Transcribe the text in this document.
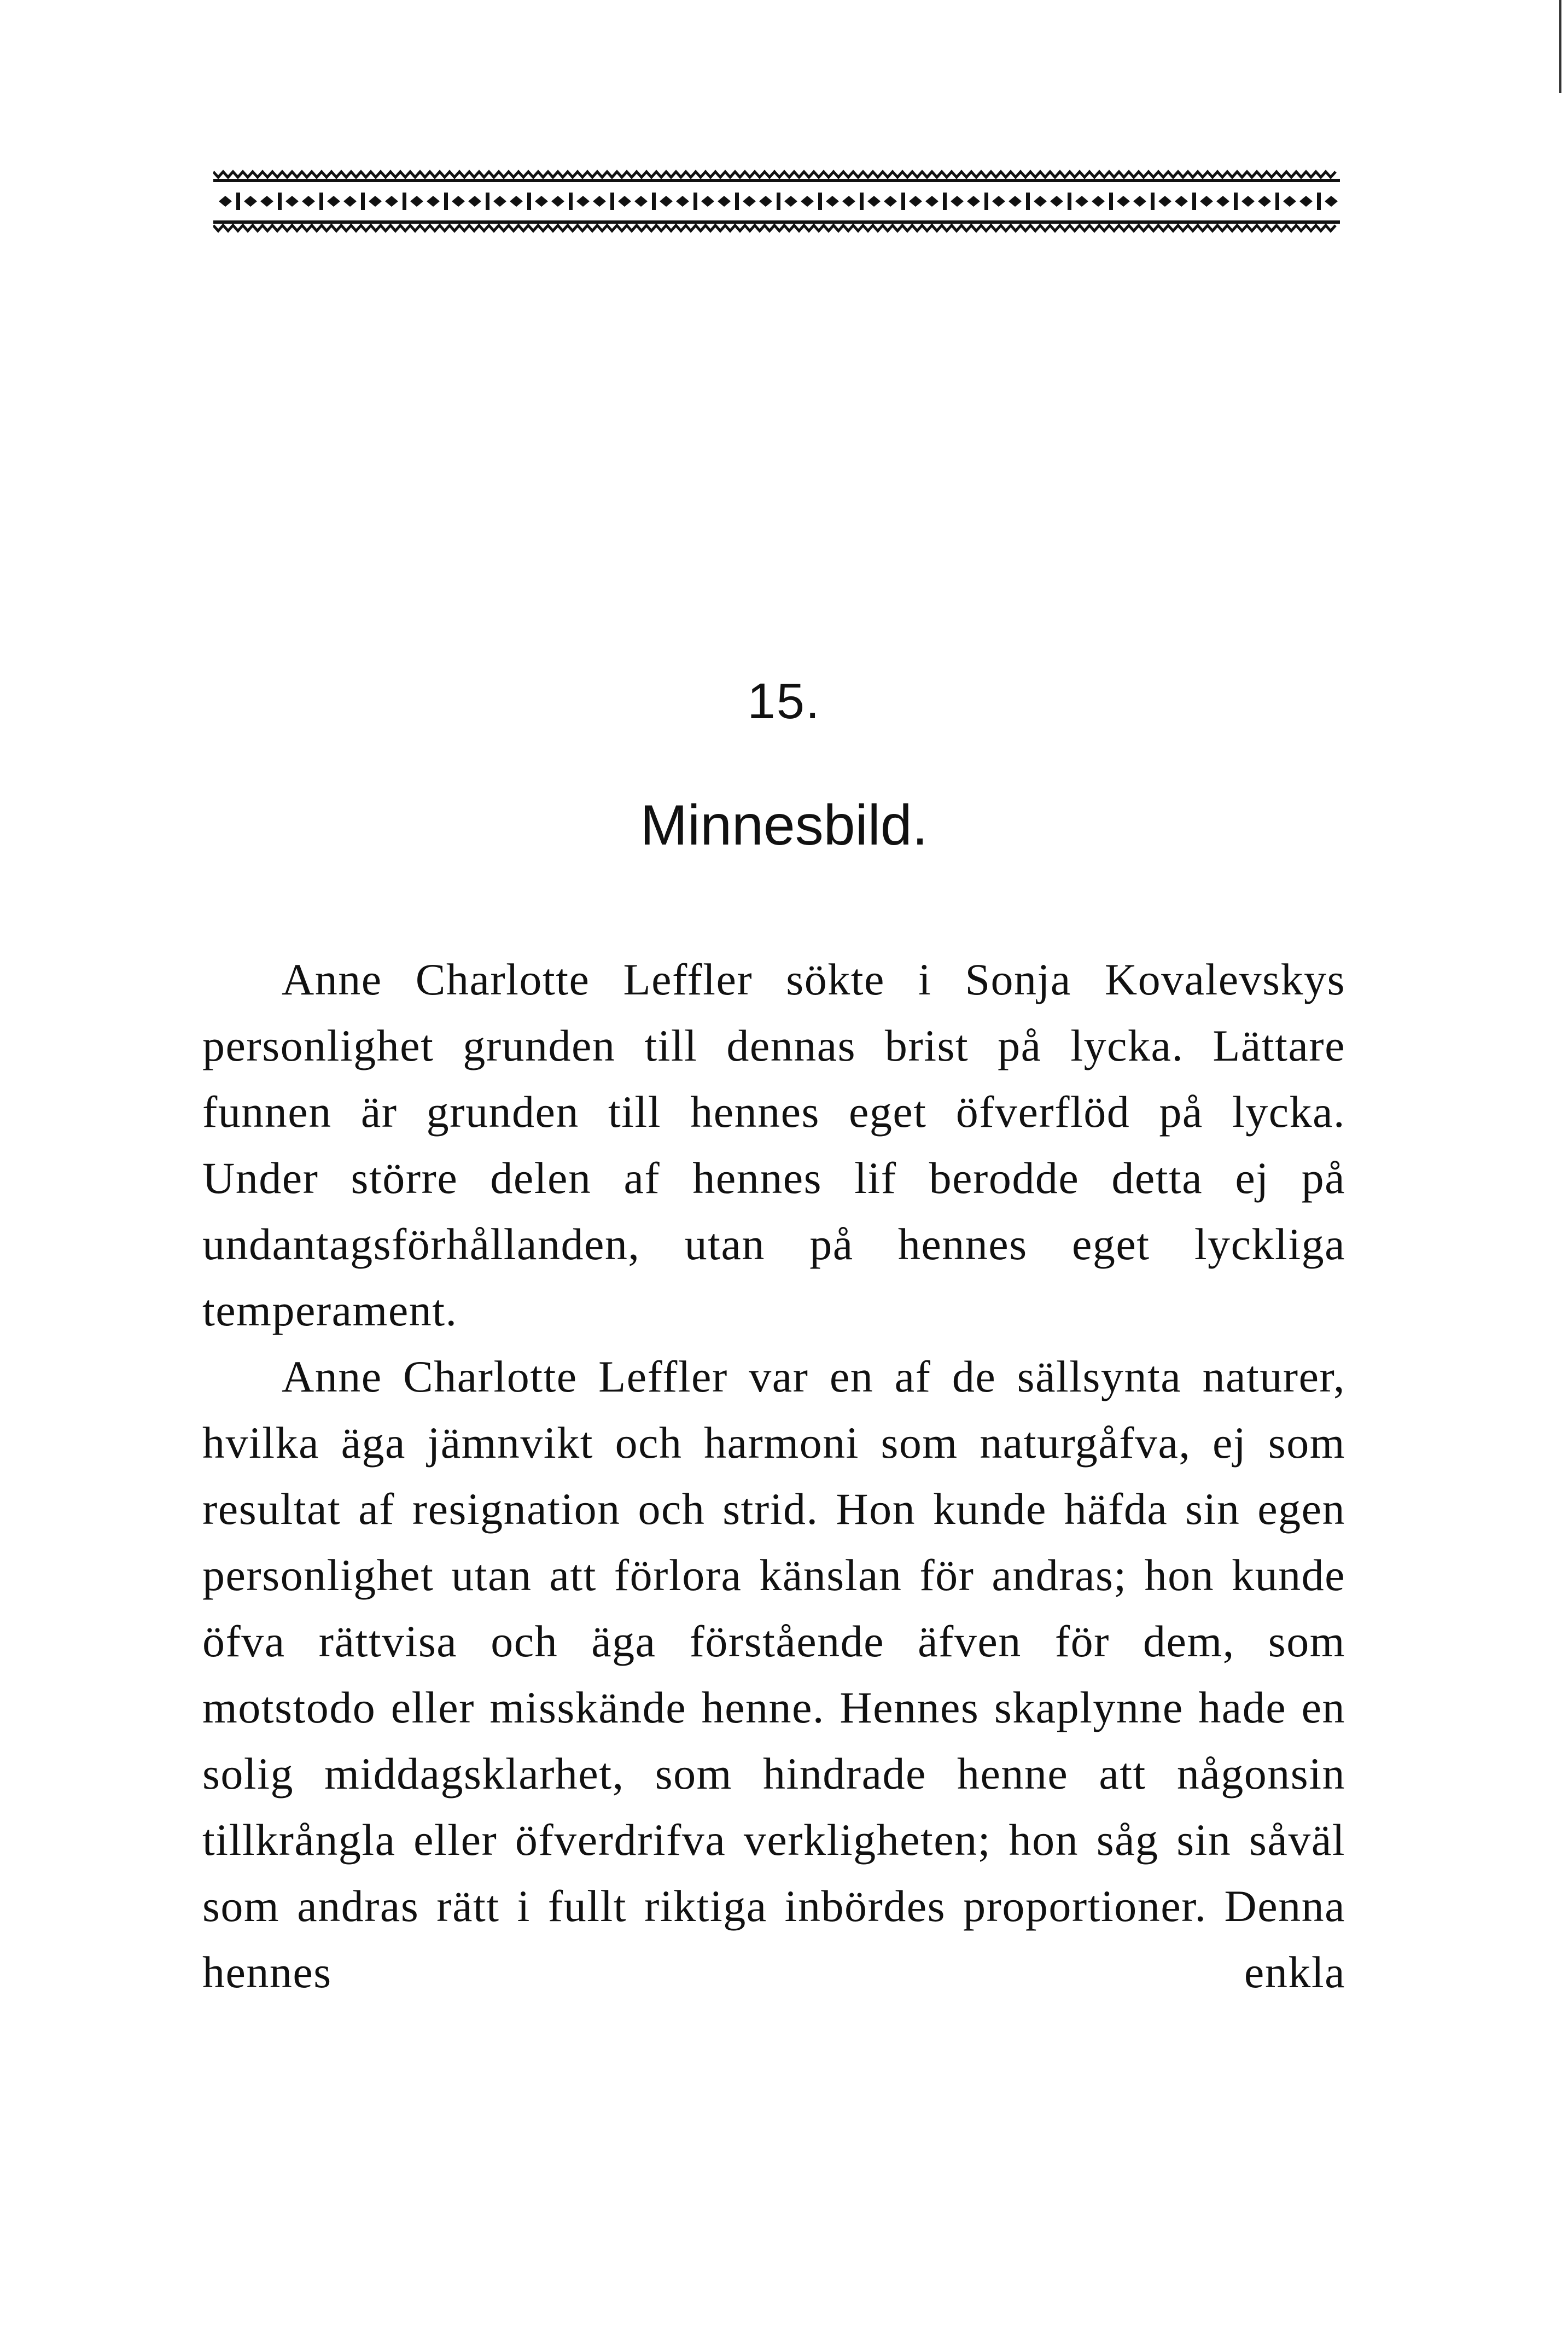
15.
Minnesbild.

Anne Charlotte Leffler sökte i Sonja Kovalevskys personlighet grunden till dennas brist på lycka. Lättare funnen är grunden till hennes eget öfverflöd på lycka. Under större delen af hennes lif berodde detta ej på undantagsförhållanden, utan på hennes eget lyckliga temperament.

Anne Charlotte Leffler var en af de sällsynta naturer, hvilka äga jämnvikt och harmoni som naturgåfva, ej som resultat af resignation och strid. Hon kunde häfda sin egen personlighet utan att förlora känslan för andras; hon kunde öfva rättvisa och äga förstående äfven för dem, som motstodo eller misskände henne. Hennes skaplynne hade en solig middagsklarhet, som hindrade henne att någonsin tillkrångla eller öfverdrifva verkligheten; hon såg sin såväl som andras rätt i fullt riktiga inbördes proportioner. Denna hennes enkla
